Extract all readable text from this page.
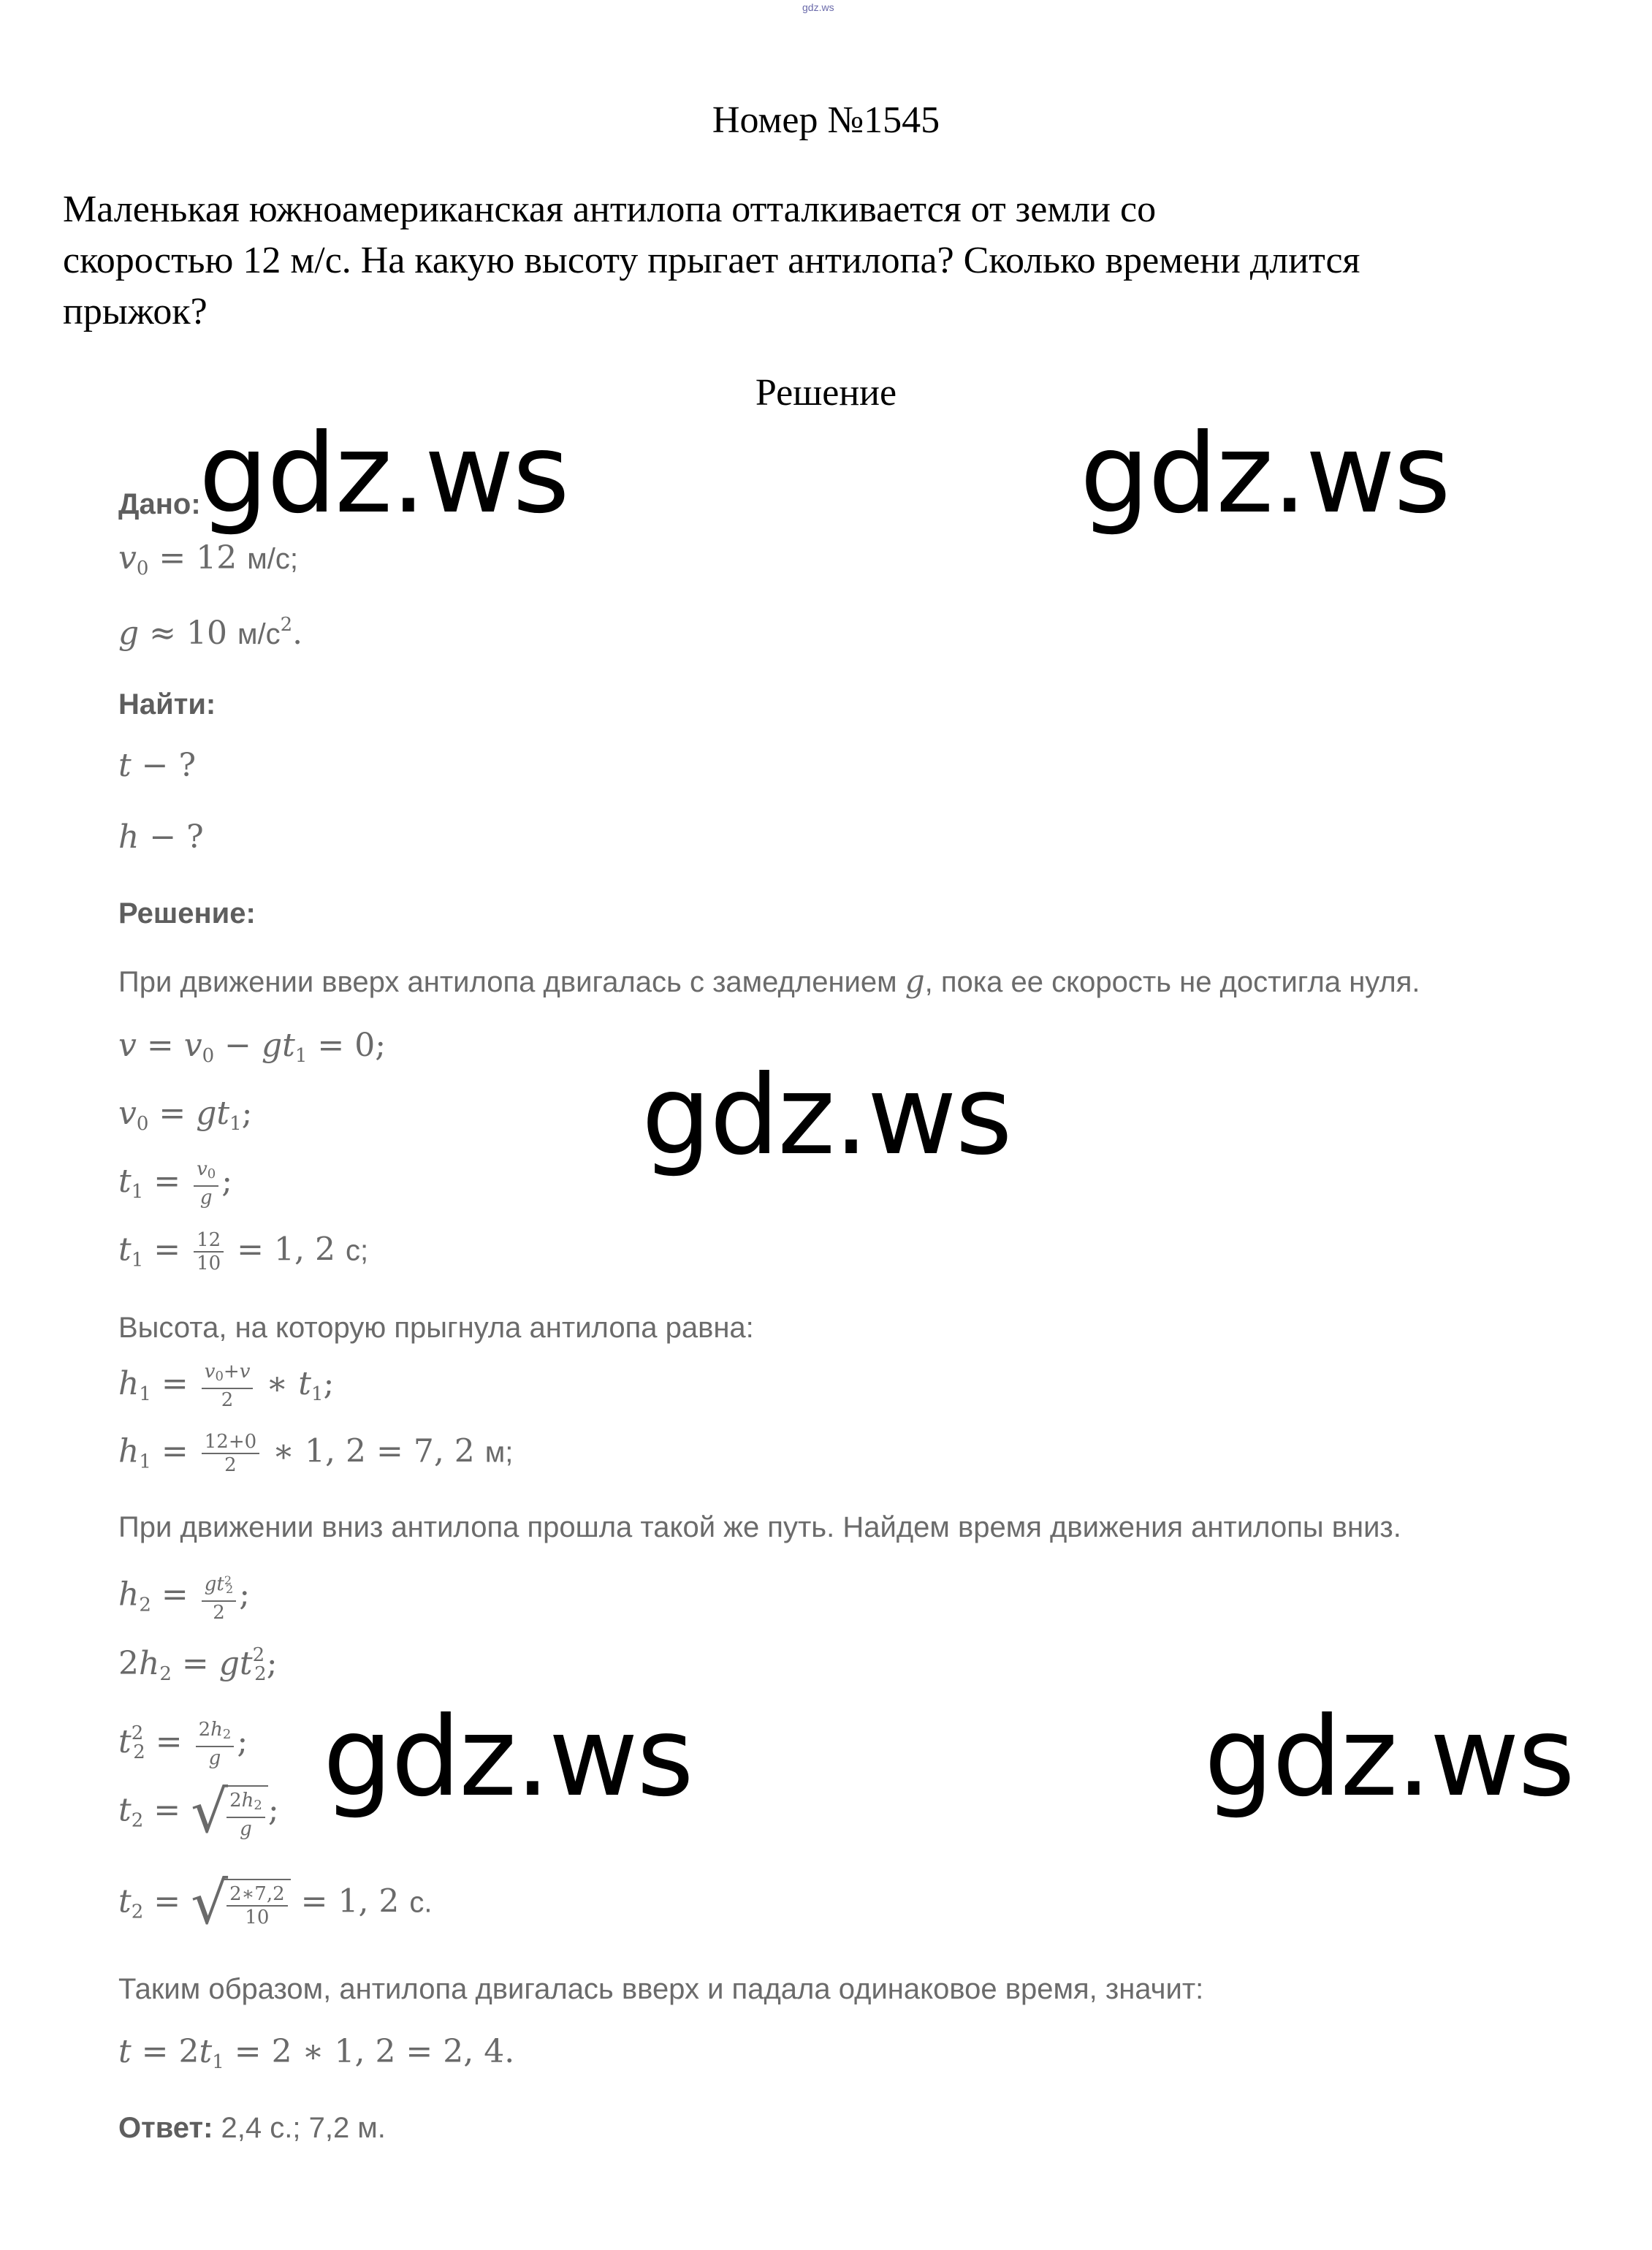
gdz.ws
Номер №1545
Маленькая южноамериканская антилопа отталкивается от земли со
скоростью 12 м/с. На какую высоту прыгает антилопа? Сколько времени длится
прыжок?
Решение
Дано:
$v_0 = 12$ м/с;
g ≈ 10 $м/с^2$.
Найти:
t − ?
h − ?
Решение:
При движении вверх антилопа двигалась с замедлением g, пока ее скорость не достигла нуля.
$v = v_0 - gt_1 = 0$;
$v_0 = gt_1$;
$t_1 = \frac{v_0}{g}$ ;
$t_1 = \frac{12}{10} = 1$, 2 с;
Высота, на которую прыгнула антилопа равна:
$h_1 = \frac{v_0+v}{2}$ ∗ $t_1$;
$h_1 = \frac{12+0}{2}$ ∗ 1, 2 = 7, 2 м;
При движении вниз антилопа прошла такой же путь. Найдем время движения антилопы вниз.
$h_2 = \frac{gt^2_2}{2}$ ;
$2h_2 = gt^2_2$;
$t^2_2 = \frac{2h_2}{g}$ ;
$t_2$ = √
$\frac{2h_2}{g}$ ;
$t_2$ = √
$\frac{2∗7,2}{10} = 1$, 2 с.
Таким образом, антилопа двигалась вверх и падала одинаковое время, значит:
$t = 2t_1 = 2$ ∗ 1, 2 = 2, 4.
Ответ: 2,4 с.; 7,2 м.
gdz.ws	gdz.ws
gdz.ws
gdz.ws	gdz.ws
